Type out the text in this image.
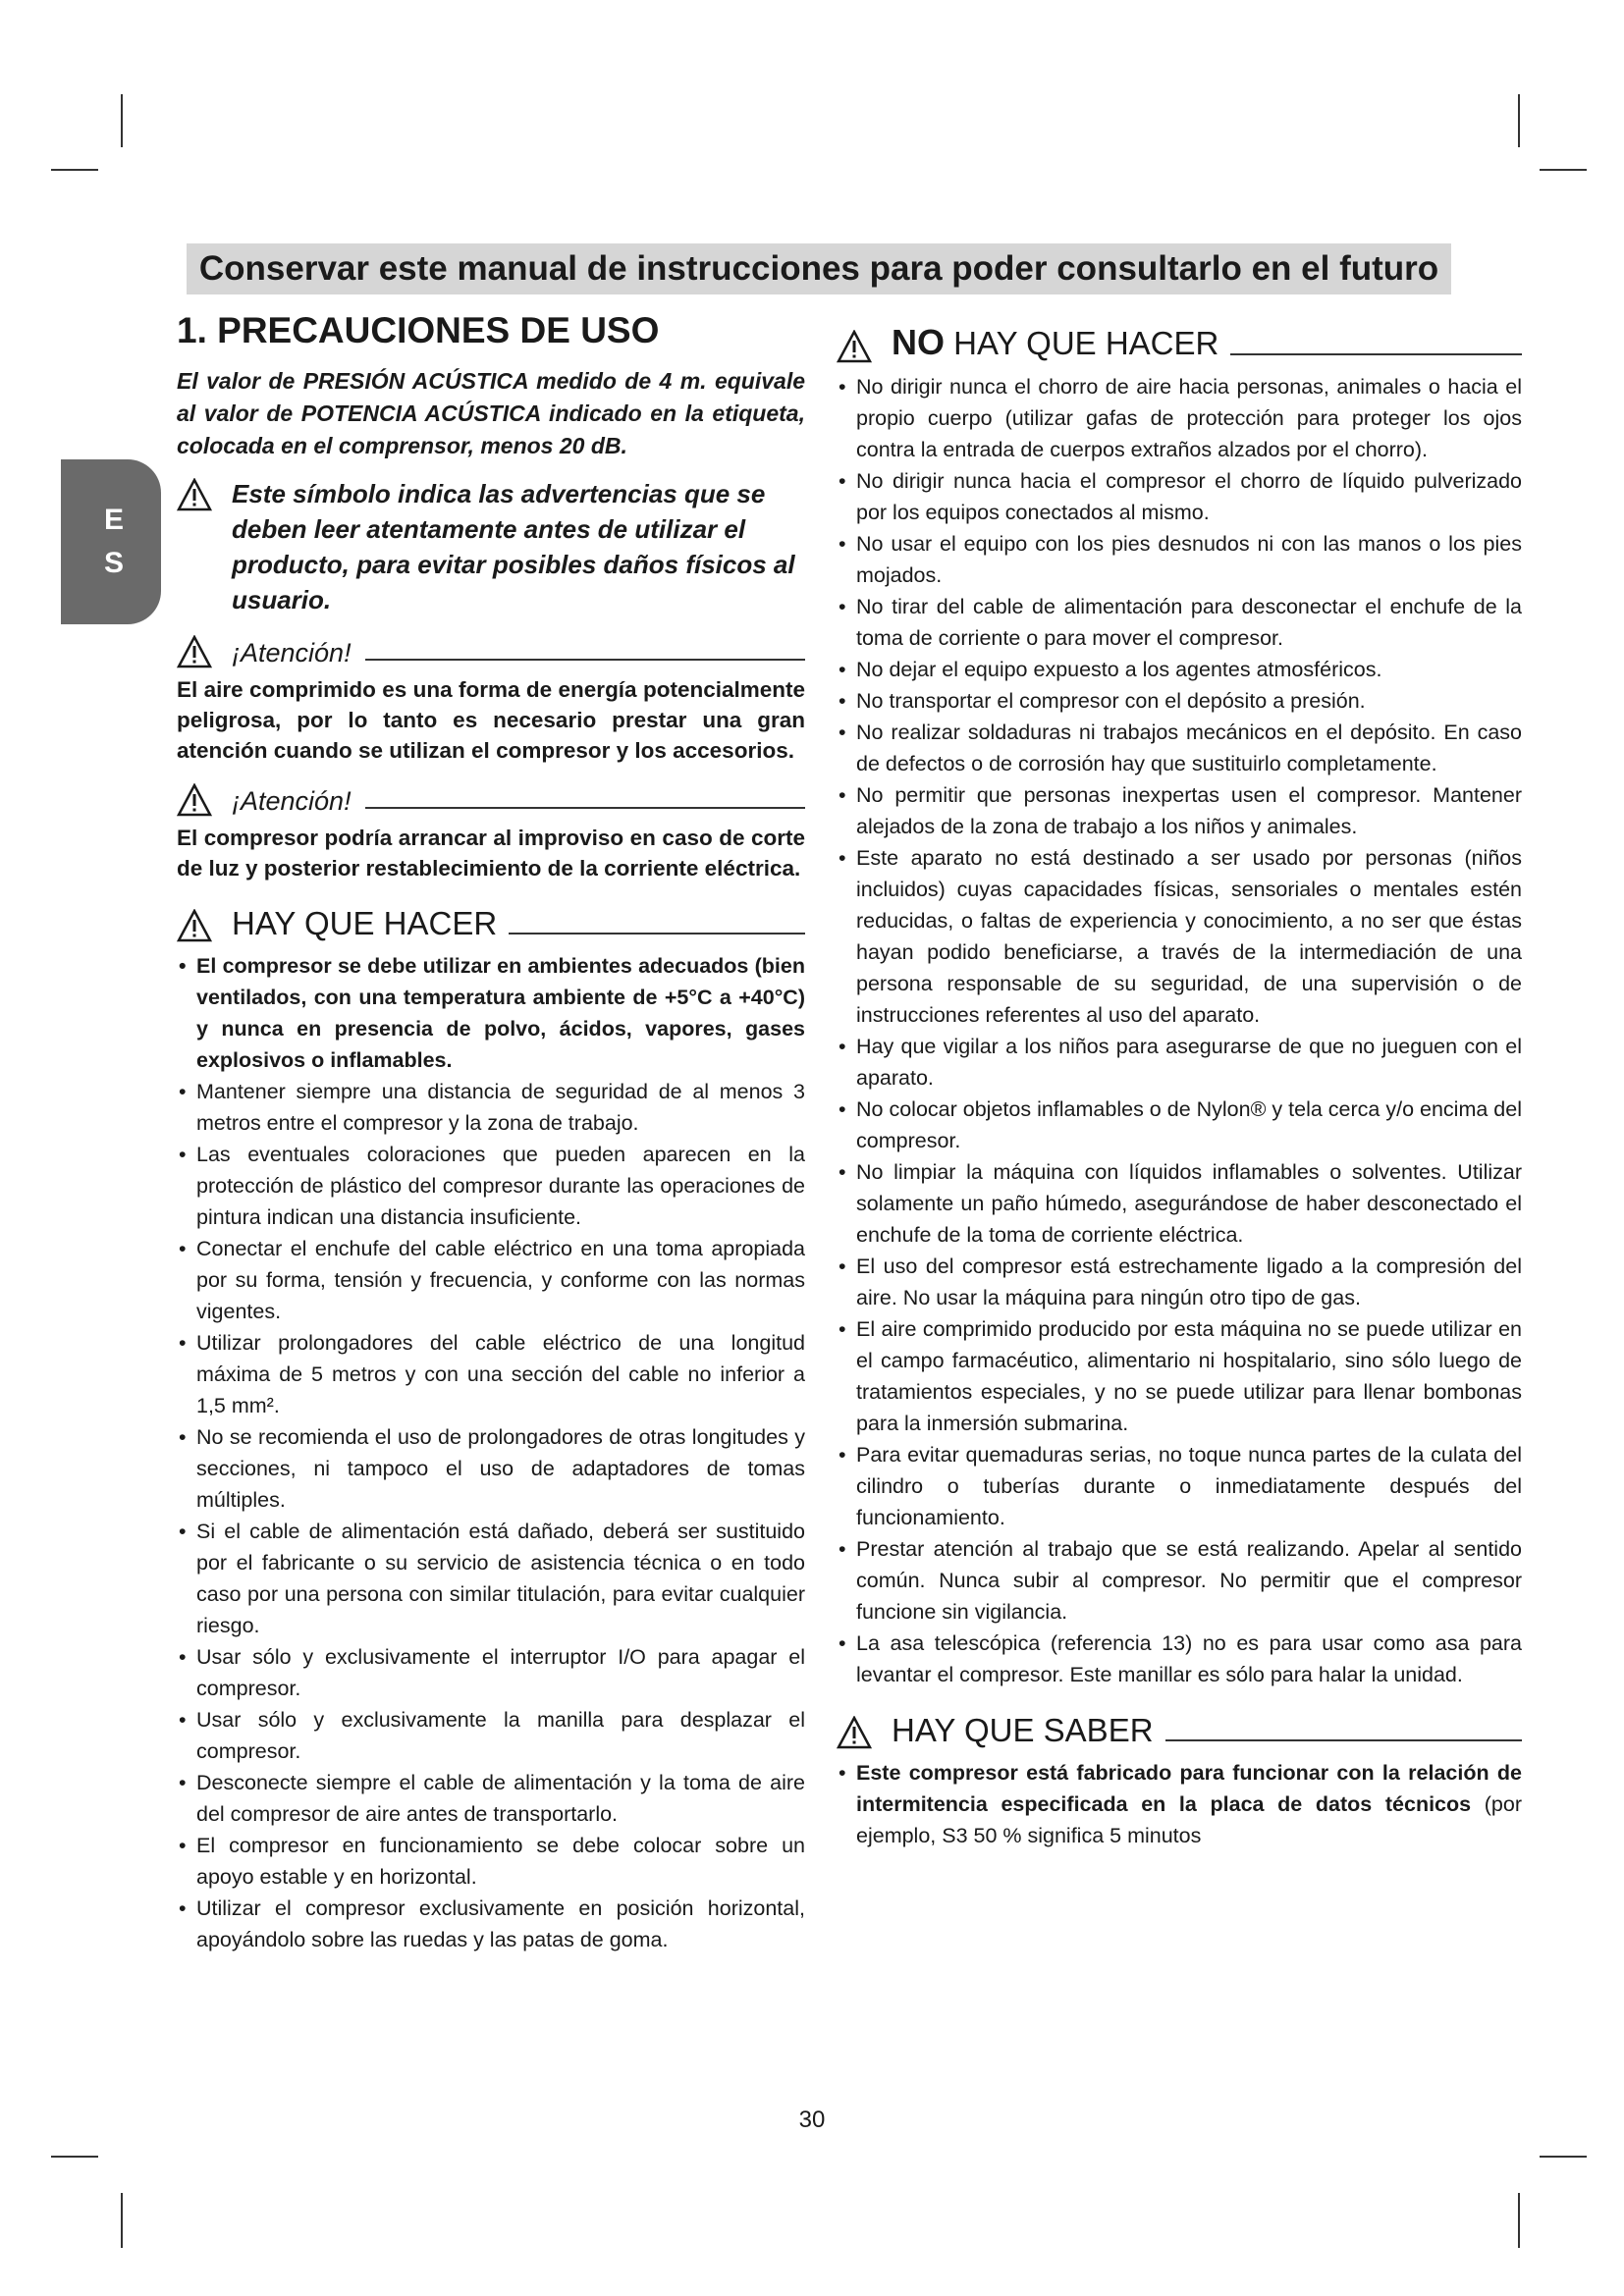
Conservar este manual de instrucciones para poder consultarlo en el futuro
E
S
1. PRECAUCIONES DE USO

El valor de PRESIÓN ACÚSTICA medido de 4 m. equivale al valor de POTENCIA ACÚSTICA indicado en la etiqueta, colocada en el comprensor, menos 20 dB.

Este símbolo indica las advertencias que se deben leer atentamente antes de utilizar el producto, para evitar posibles daños físicos al usuario.
¡Atención!

El aire comprimido es una forma de energía potencialmente peligrosa, por lo tanto es necesario prestar una gran atención cuando se utilizan el compresor y los accesorios.

¡Atención!

El compresor podría arrancar al improviso en caso de corte de luz y posterior restablecimiento de la corriente eléctrica.

HAY QUE HACER
• El compresor se debe utilizar en ambientes adecuados (bien ventilados, con una temperatura ambiente de +5°C a +40°C) y nunca en presencia de polvo, ácidos, vapores, gases explosivos o inflamables.
• Mantener siempre una distancia de seguridad de al menos 3 metros entre el compresor y la zona de trabajo.
• Las eventuales coloraciones que pueden aparecen en la protección de plástico del compresor durante las operaciones de pintura indican una distancia insuficiente.
• Conectar el enchufe del cable eléctrico en una toma apropiada por su forma, tensión y frecuencia, y conforme con las normas vigentes.
• Utilizar prolongadores del cable eléctrico de una longitud máxima de 5 metros y con una sección del cable no inferior a 1,5 mm².
• No se recomienda el uso de prolongadores de otras longitudes y secciones, ni tampoco el uso de adaptadores de tomas múltiples.
• Si el cable de alimentación está dañado, deberá ser sustituido por el fabricante o su servicio de asistencia técnica o en todo caso por una persona con similar titulación, para evitar cualquier riesgo.
• Usar sólo y exclusivamente el interruptor I/O para apagar el compresor.
• Usar sólo y exclusivamente la manilla para desplazar el compresor.
• Desconecte siempre el cable de alimentación y la toma de aire del compresor de aire antes de transportarlo.
• El compresor en funcionamiento se debe colocar sobre un apoyo estable y en horizontal.
• Utilizar el compresor exclusivamente en posición horizontal, apoyándolo sobre las ruedas y las patas de goma.
NO HAY QUE HACER
• No dirigir nunca el chorro de aire hacia personas, animales o hacia el propio cuerpo (utilizar gafas de protección para proteger los ojos contra la entrada de cuerpos extraños alzados por el chorro).
• No dirigir nunca hacia el compresor el chorro de líquido pulverizado por los equipos conectados al mismo.
• No usar el equipo con los pies desnudos ni con las manos o los pies mojados.
• No tirar del cable de alimentación para desconectar el enchufe de la toma de corriente o para mover el compresor.
• No dejar el equipo expuesto a los agentes atmosféricos.
• No transportar el compresor con el depósito a presión.
• No realizar soldaduras ni trabajos mecánicos en el depósito. En caso de defectos o de corrosión hay que sustituirlo completamente.
• No permitir que personas inexpertas usen el compresor. Mantener alejados de la zona de trabajo a los niños y animales.
• Este aparato no está destinado a ser usado por personas (niños incluidos) cuyas capacidades físicas, sensoriales o mentales estén reducidas, o faltas de experiencia y conocimiento, a no ser que éstas hayan podido beneficiarse, a través de la intermediación de una persona responsable de su seguridad, de una supervisión o de instrucciones referentes al uso del aparato.
• Hay que vigilar a los niños para asegurarse de que no jueguen con el aparato.
• No colocar objetos inflamables o de Nylon® y tela cerca y/o encima del compresor.
• No limpiar la máquina con líquidos inflamables o solventes. Utilizar solamente un paño húmedo, asegurándose de haber desconectado el enchufe de la toma de corriente eléctrica.
• El uso del compresor está estrechamente ligado a la compresión del aire. No usar la máquina para ningún otro tipo de gas.
• El aire comprimido producido por esta máquina no se puede utilizar en el campo farmacéutico, alimentario ni hospitalario, sino sólo luego de tratamientos especiales, y no se puede utilizar para llenar bombonas para la inmersión submarina.
• Para evitar quemaduras serias, no toque nunca partes de la culata del cilindro o tuberías durante o inmediatamente después del funcionamiento.
• Prestar atención al trabajo que se está realizando. Apelar al sentido común. Nunca subir al compresor. No permitir que el compresor funcione sin vigilancia.
• La asa telescópica (referencia 13) no es para usar como asa para levantar el compresor. Este manillar es sólo para halar la unidad.
HAY QUE SABER
• Este compresor está fabricado para funcionar con la relación de intermitencia especificada en la placa de datos técnicos (por ejemplo, S3 50 % significa 5 minutos
30
